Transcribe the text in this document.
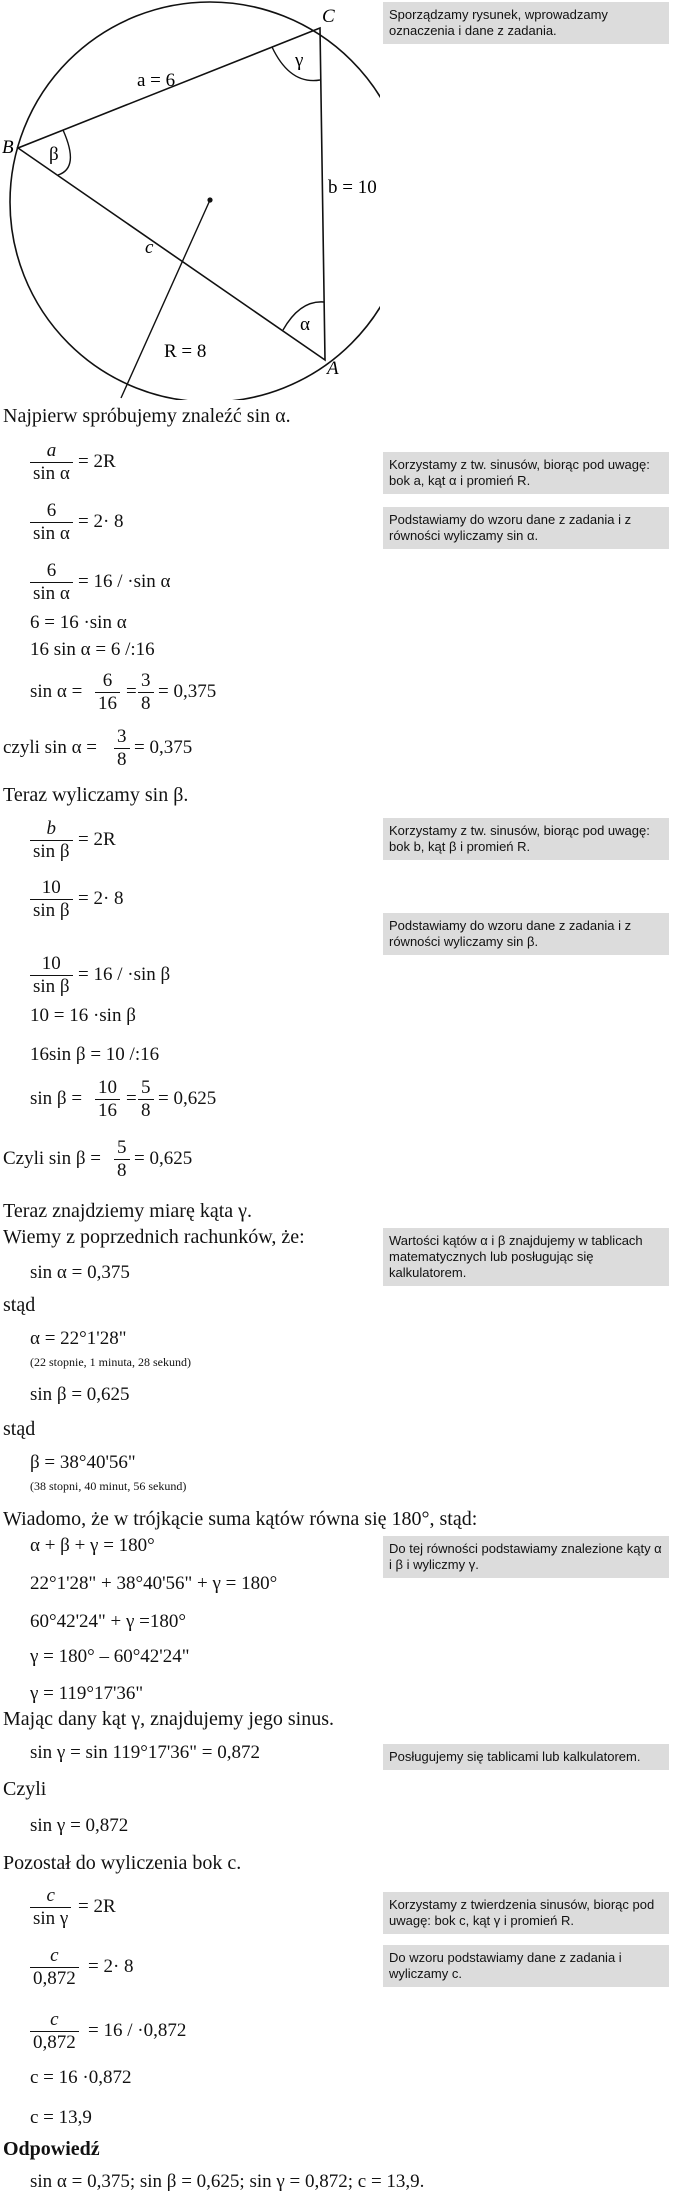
C
B
A
γ
β
α
a = 6
b = 10
c
R = 8
Sporządzamy rysunek, wprowadzamy oznaczenia i dane z zadania.
Korzystamy z tw. sinusów, biorąc pod uwagę: bok a, kąt α i promień R.
Podstawiamy do wzoru dane z zadania i z równości wyliczamy sin α.
Korzystamy z tw. sinusów, biorąc pod uwagę: bok b, kąt β i promień R.
Podstawiamy do wzoru dane z zadania i z równości wyliczamy sin β.
Wartości kątów α i β znajdujemy w tablicach matematycznych lub posługując się kalkulatorem.
Do tej równości podstawiamy znalezione kąty α i β i wyliczmy γ.
Posługujemy się tablicami lub kalkulatorem.
Korzystamy z twierdzenia sinusów, biorąc pod uwagę: bok c, kąt γ i promień R.
Do wzoru podstawiamy dane z zadania i wyliczamy c.
Najpierw spróbujemy znaleźć sin α.
$\frac{a}{\text{sin α}} = 2R$
$\frac{6}{\text{sin α}} = 2\cdot 8$
$\frac{6}{\text{sin α}} = 16 / \cdot\sin$ α
6 = 16 ·sin α
16 sin α = 6 /:16
$\sin \alpha = \frac{6}{16} = \frac{3}{8} = 0,375$
czyli $\sin \alpha = \frac{3}{8} = 0,375$
Teraz wyliczamy sin β.
$\frac{b}{\text{sin β}} = 2R$
$\frac{10}{\text{sin β}} = 2\cdot 8$
$\frac{10}{\text{sin β}} = 16 / \cdot\sin$ β
10 = 16 ·sin β
16sin β = 10 /:16
$\sin \beta = \frac{10}{16} = \frac{5}{8} = 0,625$
Czyli $\sin \beta = \frac{5}{8} = 0,625$
Teraz znajdziemy miarę kąta γ.
Wiemy z poprzednich rachunków, że:
sin α = 0,375
stąd
α = 22°1'28"
(22 stopnie, 1 minuta, 28 sekund)
sin β = 0,625
stąd
β = 38°40'56"
(38 stopni, 40 minut, 56 sekund)
Wiadomo, że w trójkącie suma kątów równa się 180°, stąd:
α + β + γ = 180°
22°1'28" + 38°40'56" + γ = 180°
60°42'24" + γ =180°
γ = 180° – 60°42'24"
γ = 119°17'36"
Mając dany kąt γ, znajdujemy jego sinus.
sin γ = sin 119°17'36" = 0,872
Czyli
sin γ = 0,872
Pozostał do wyliczenia bok c.
$\frac{c}{\text{sin γ}} = 2R$
$\frac{c}{0,872} = 2\cdot 8$
$\frac{c}{0,872} = 16 / \cdot 0,872$
c = 16 ·0,872
c = 13,9
Odpowiedź
sin α = 0,375; sin β = 0,625; sin γ = 0,872; c = 13,9.
